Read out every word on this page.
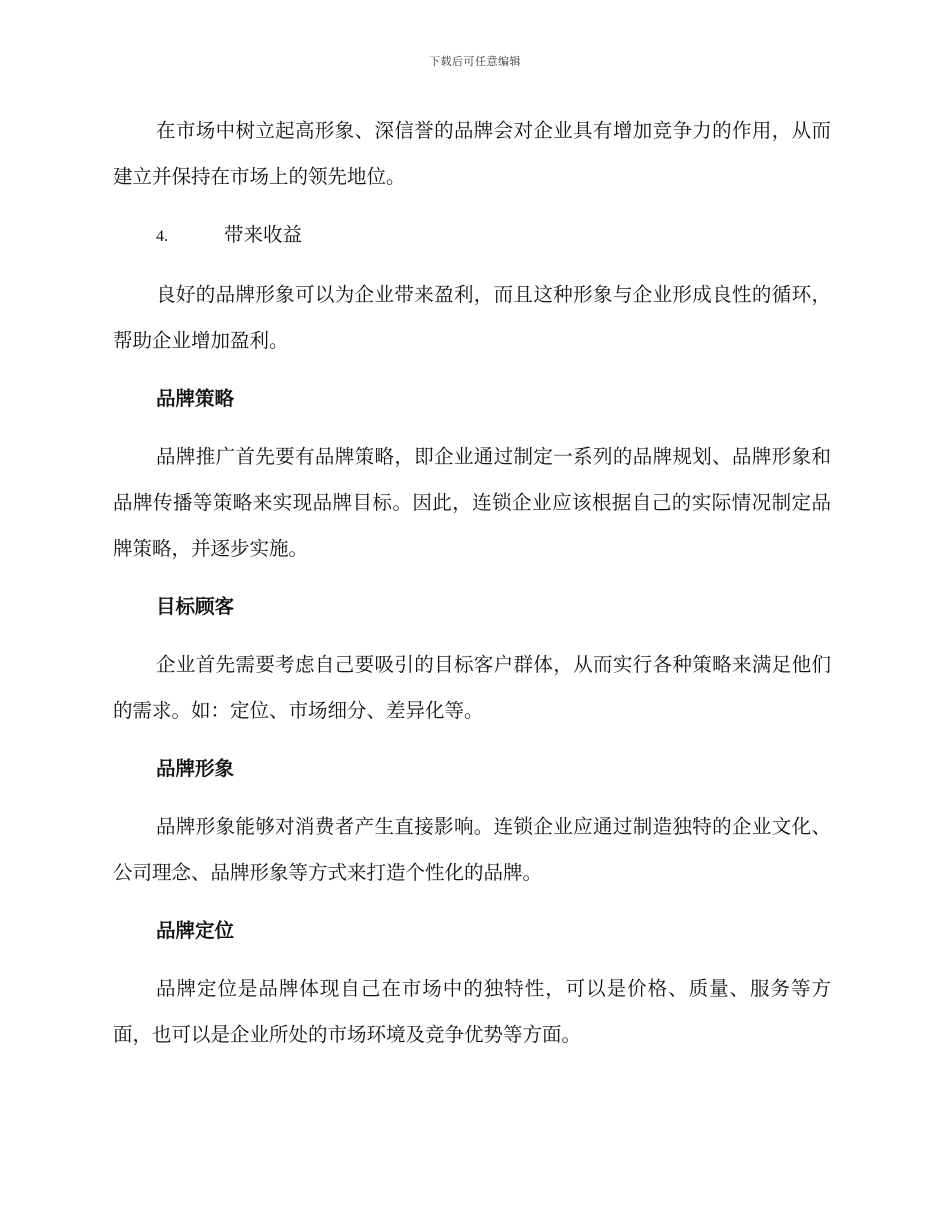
下载后可任意编辑

在市场中树立起高形象、深信誉的品牌会对企业具有增加竞争力的作用，从而建立并保持在市场上的领先地位。

4.	带来收益

良好的品牌形象可以为企业带来盈利，而且这种形象与企业形成良性的循环，帮助企业增加盈利。

品牌策略

品牌推广首先要有品牌策略，即企业通过制定一系列的品牌规划、品牌形象和品牌传播等策略来实现品牌目标。因此，连锁企业应该根据自己的实际情况制定品牌策略，并逐步实施。

目标顾客

企业首先需要考虑自己要吸引的目标客户群体，从而实行各种策略来满足他们的需求。如：定位、市场细分、差异化等。

品牌形象

品牌形象能够对消费者产生直接影响。连锁企业应通过制造独特的企业文化、公司理念、品牌形象等方式来打造个性化的品牌。

品牌定位

品牌定位是品牌体现自己在市场中的独特性，可以是价格、质量、服务等方面，也可以是企业所处的市场环境及竞争优势等方面。
